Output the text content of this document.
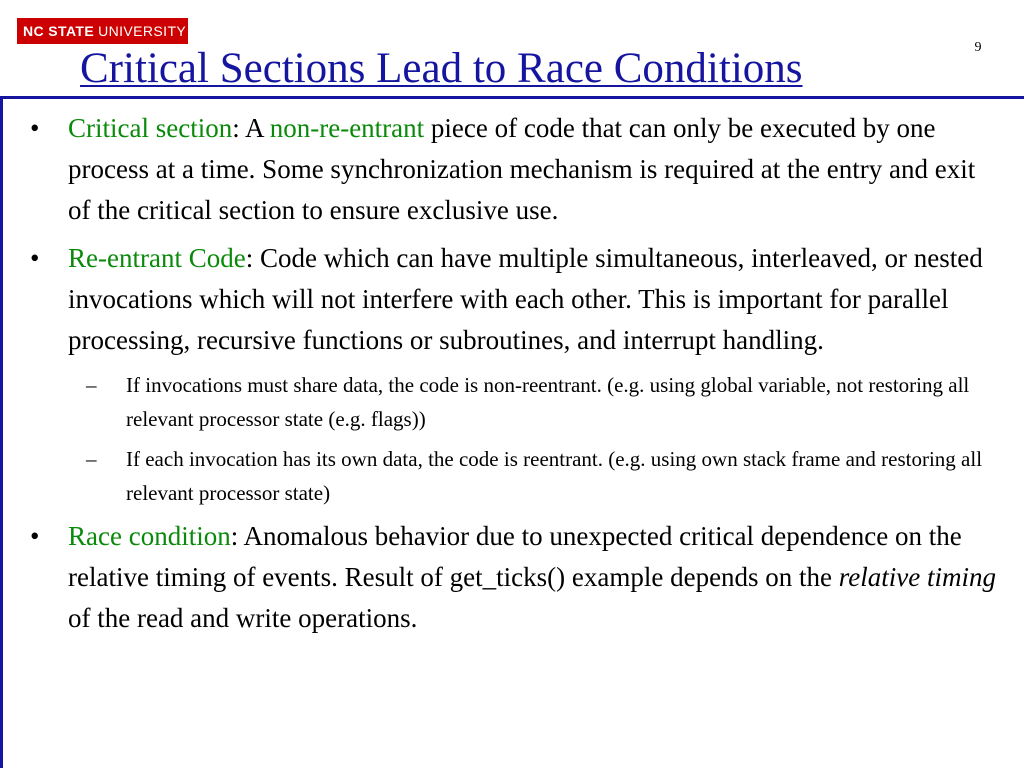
NC STATE UNIVERSITY
9
Critical Sections Lead to Race Conditions
•	Critical section: A non-re-entrant piece of code that can only be executed by one process at a time. Some synchronization mechanism is required at the entry and exit of the critical section to ensure exclusive use.
•	Re-entrant Code: Code which can have multiple simultaneous, interleaved, or nested invocations which will not interfere with each other. This is important for parallel processing, recursive functions or subroutines, and interrupt handling.
–	If invocations must share data, the code is non-reentrant. (e.g. using global variable, not restoring all relevant processor state (e.g. flags))
–	If each invocation has its own data, the code is reentrant. (e.g. using own stack frame and restoring all relevant processor state)
•	Race condition: Anomalous behavior due to unexpected critical dependence on the relative timing of events. Result of get_ticks() example depends on the relative timing of the read and write operations.
